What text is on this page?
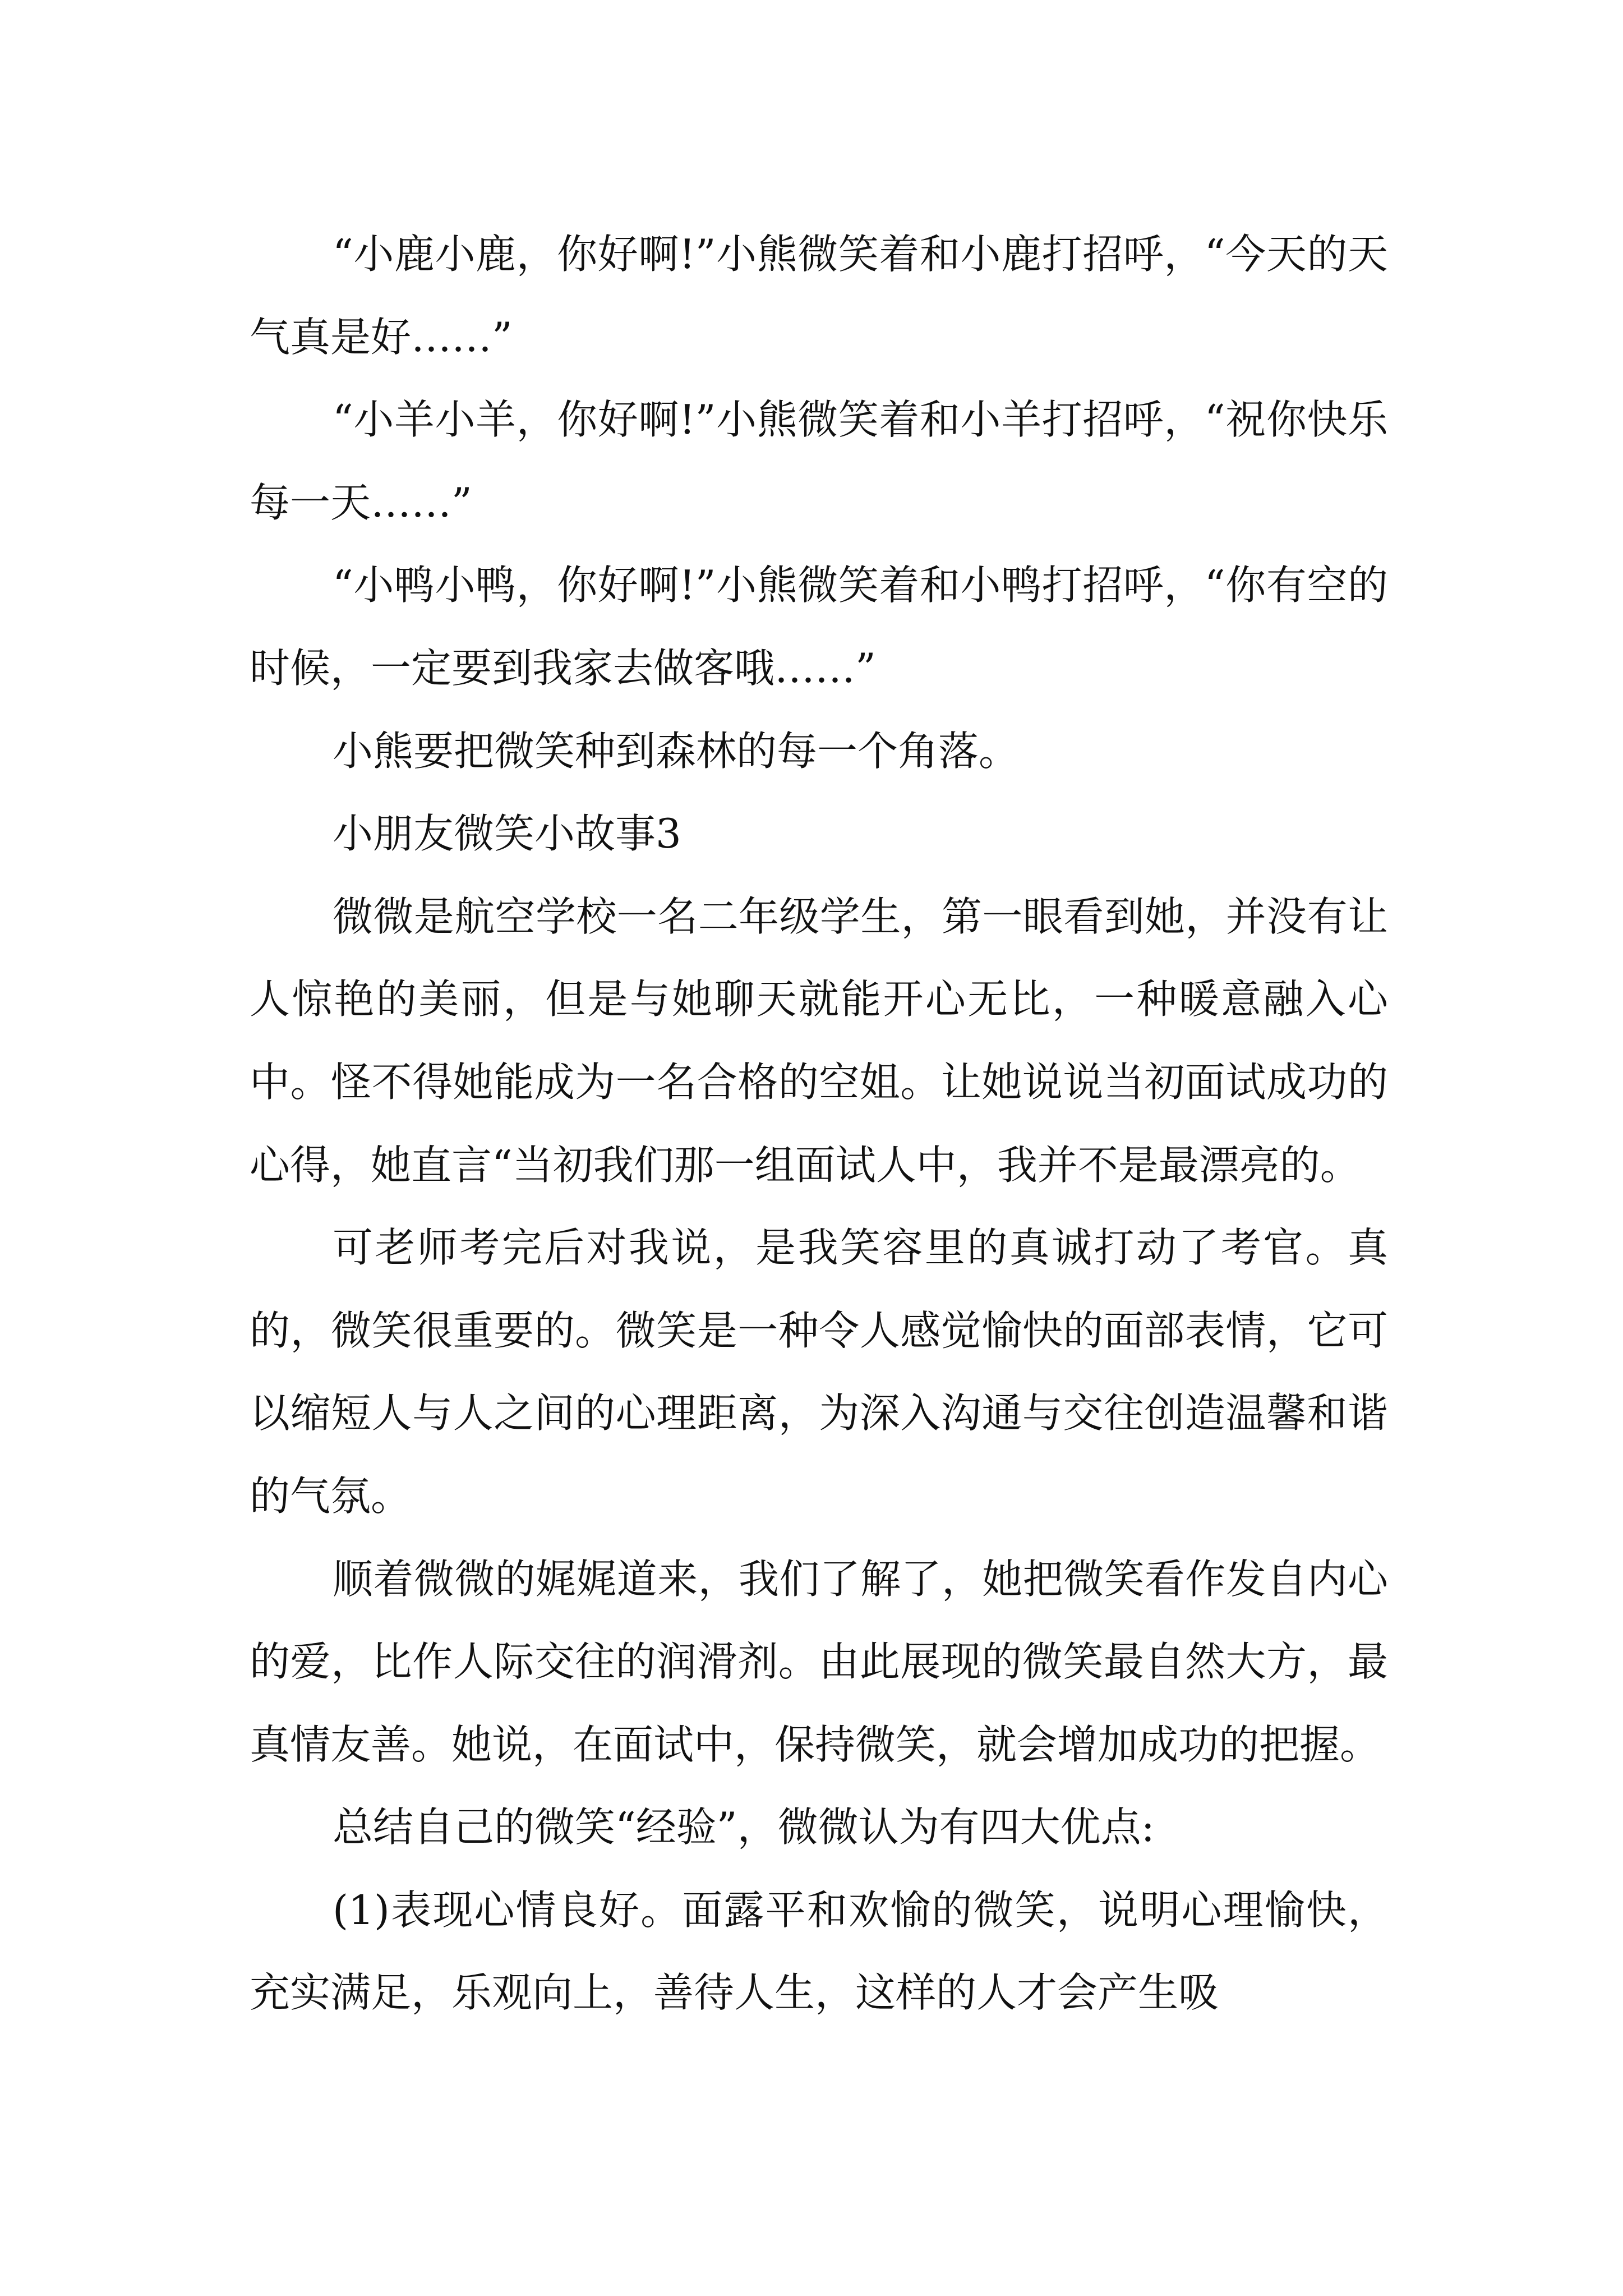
“小鹿小鹿，你好啊!”小熊微笑着和小鹿打招呼，“今天的天气真是好……”

“小羊小羊，你好啊!”小熊微笑着和小羊打招呼，“祝你快乐每一天……”

“小鸭小鸭，你好啊!”小熊微笑着和小鸭打招呼，“你有空的时候，一定要到我家去做客哦……”

小熊要把微笑种到森林的每一个角落。

小朋友微笑小故事3

微微是航空学校一名二年级学生，第一眼看到她，并没有让人惊艳的美丽，但是与她聊天就能开心无比，一种暖意融入心中。怪不得她能成为一名合格的空姐。让她说说当初面试成功的心得，她直言“当初我们那一组面试人中，我并不是最漂亮的。

可老师考完后对我说，是我笑容里的真诚打动了考官。真的，微笑很重要的。微笑是一种令人感觉愉快的面部表情，它可以缩短人与人之间的心理距离，为深入沟通与交往创造温馨和谐的气氛。

顺着微微的娓娓道来，我们了解了，她把微笑看作发自内心的爱，比作人际交往的润滑剂。由此展现的微笑最自然大方，最真情友善。她说，在面试中，保持微笑，就会增加成功的把握。

总结自己的微笑“经验”，微微认为有四大优点:

(1)表现心情良好。面露平和欢愉的微笑，说明心理愉快，充实满足，乐观向上，善待人生，这样的人才会产生吸
